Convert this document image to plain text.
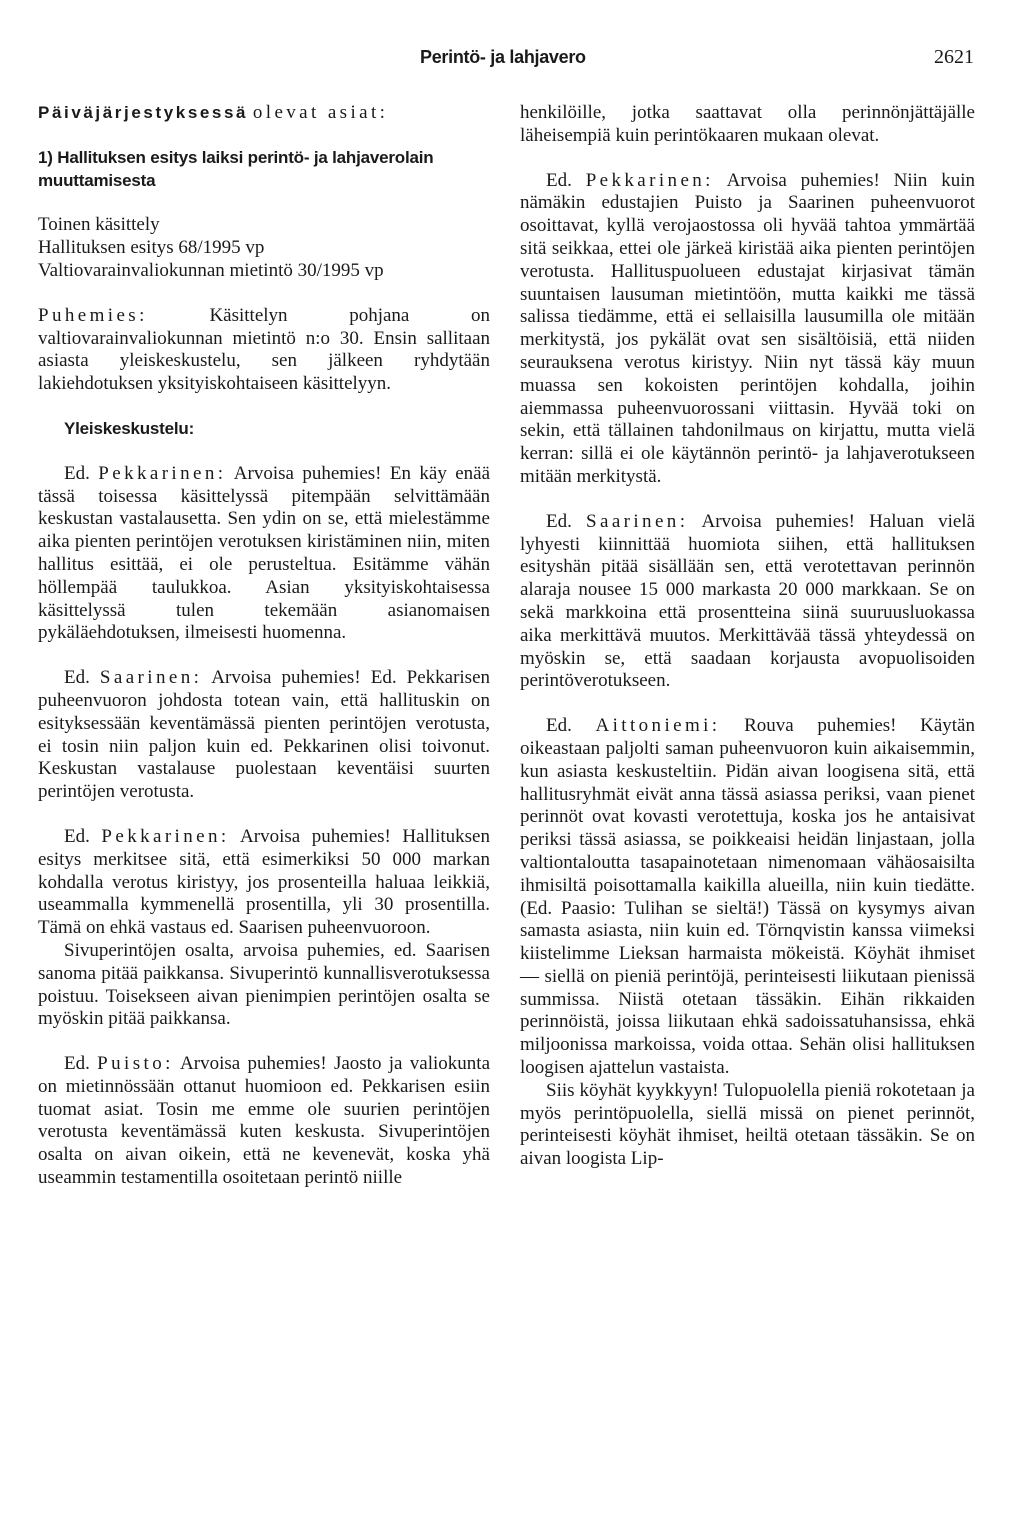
Perintö- ja lahjavero	2621

Päiväjärjestyksessä olevat asiat:

1) Hallituksen esitys laiksi perintö- ja lahjaverolain muuttamisesta

Toinen käsittely

Hallituksen esitys 68/1995 vp

Valtiovarainvaliokunnan mietintö 30/1995 vp

Puhemies:	Käsittelyn pohjana on valtiovarainvaliokunnan mietintö n:o 30. Ensin sallitaan asiasta yleiskeskustelu, sen jälkeen ryhdytään lakiehdotuksen yksityiskohtaiseen käsittelyyn.

Yleiskeskustelu:

Ed. Pekkarinen: Arvoisa puhemies! En käy enää tässä toisessa käsittelyssä pitempään selvittämään keskustan vastalausetta. Sen ydin on se, että mielestämme aika pienten perintöjen verotuksen kiristäminen niin, miten hallitus esittää, ei ole perusteltua. Esitämme vähän höllempää taulukkoa. Asian yksityiskohtaisessa käsittelyssä tulen tekemään asianomaisen pykäläehdotuksen, ilmeisesti huomenna.

Ed. Saarinen: Arvoisa puhemies! Ed. Pekkarisen puheenvuoron johdosta totean vain, että hallituskin on esityksessään keventämässä pienten perintöjen verotusta, ei tosin niin paljon kuin ed. Pekkarinen olisi toivonut. Keskustan vastalause puolestaan keventäisi suurten perintöjen verotusta.

Ed. Pekkarinen: Arvoisa puhemies! Hallituksen esitys merkitsee sitä, että esimerkiksi 50 000 markan kohdalla verotus kiristyy, jos prosenteilla haluaa leikkiä, useammalla kymmenellä prosentilla, yli 30 prosentilla. Tämä on ehkä vastaus ed. Saarisen puheenvuoroon.

Sivuperintöjen osalta, arvoisa puhemies, ed. Saarisen sanoma pitää paikkansa. Sivuperintö kunnallisverotuksessa poistuu. Toisekseen aivan pienimpien perintöjen osalta se myöskin pitää paikkansa.

Ed. Puisto: Arvoisa puhemies! Jaosto ja valiokunta on mietinnössään ottanut huomioon ed. Pekkarisen esiin tuomat asiat. Tosin me emme ole suurien perintöjen verotusta keventämässä kuten keskusta. Sivuperintöjen osalta on aivan oikein, että ne kevenevät, koska yhä useammin testamentilla osoitetaan perintö niille

henkilöille, jotka saattavat olla perinnönjättäjälle läheisempiä kuin perintökaaren mukaan olevat.

Ed. Pekkarinen: Arvoisa puhemies! Niin kuin nämäkin edustajien Puisto ja Saarinen puheenvuorot osoittavat, kyllä verojaostossa oli hyvää tahtoa ymmärtää sitä seikkaa, ettei ole järkeä kiristää aika pienten perintöjen verotusta. Hallituspuolueen edustajat kirjasivat tämän suuntaisen lausuman mietintöön, mutta kaikki me tässä salissa tiedämme, että ei sellaisilla lausumilla ole mitään merkitystä, jos pykälät ovat sen sisältöisiä, että niiden seurauksena verotus kiristyy. Niin nyt tässä käy muun muassa sen kokoisten perintöjen kohdalla, joihin aiemmassa puheenvuorossani viittasin. Hyvää toki on sekin, että tällainen tahdonilmaus on kirjattu, mutta vielä kerran: sillä ei ole käytännön perintö- ja lahjaverotukseen mitään merkitystä.

Ed. Saarinen: Arvoisa puhemies! Haluan vielä lyhyesti kiinnittää huomiota siihen, että hallituksen esityshän pitää sisällään sen, että verotettavan perinnön alaraja nousee 15 000 markasta 20 000 markkaan. Se on sekä markkoina että prosentteina siinä suuruusluokassa aika merkittävä muutos. Merkittävää tässä yhteydessä on myöskin se, että saadaan korjausta avopuolisoiden perintöverotukseen.

Ed. Aittoniemi: Rouva puhemies! Käytän oikeastaan paljolti saman puheenvuoron kuin aikaisemmin, kun asiasta keskusteltiin. Pidän aivan loogisena sitä, että hallitusryhmät eivät anna tässä asiassa periksi, vaan pienet perinnöt ovat kovasti verotettuja, koska jos he antaisivat periksi tässä asiassa, se poikkeaisi heidän linjastaan, jolla valtiontaloutta tasapainotetaan nimenomaan vähäosaisilta ihmisiltä poisottamalla kaikilla alueilla, niin kuin tiedätte. (Ed. Paasio: Tulihan se sieltä!) Tässä on kysymys aivan samasta asiasta, niin kuin ed. Törnqvistin kanssa viimeksi kiistelimme Lieksan harmaista mökeistä. Köyhät ihmiset — siellä on pieniä perintöjä, perinteisesti liikutaan pienissä summissa. Niistä otetaan tässäkin. Eihän rikkaiden perinnöistä, joissa liikutaan ehkä sadoissatuhansissa, ehkä miljoonissa markoissa, voida ottaa. Sehän olisi hallituksen loogisen ajattelun vastaista.

Siis köyhät kyykkyyn! Tulopuolella pieniä rokotetaan ja myös perintöpuolella, siellä missä on pienet perinnöt, perinteisesti köyhät ihmiset, heiltä otetaan tässäkin. Se on aivan loogista Lip-
